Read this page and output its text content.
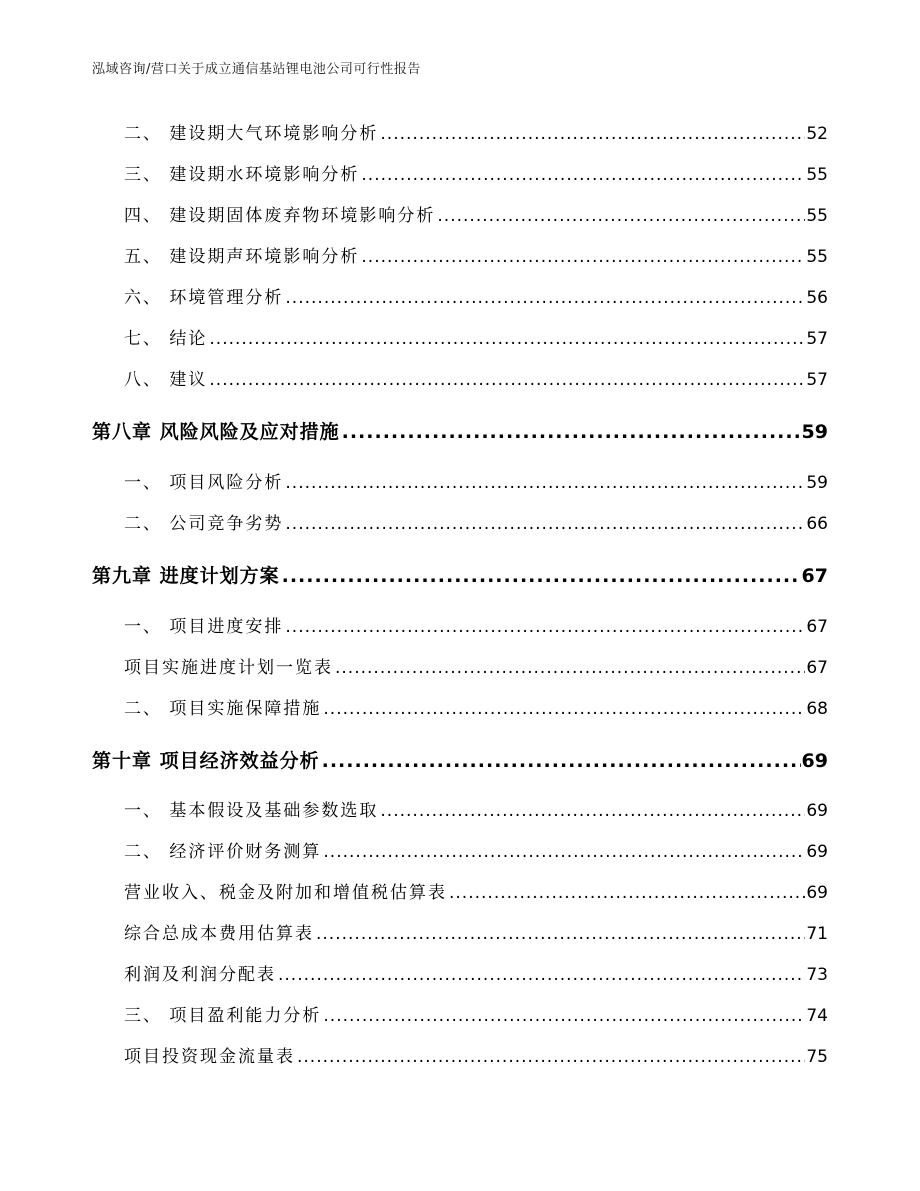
泓域咨询/营口关于成立通信基站锂电池公司可行性报告
二、 建设期大气环境影响分析 .....	52
三、 建设期水环境影响分析 .....	55
四、 建设期固体废弃物环境影响分析 .....	55
五、 建设期声环境影响分析 .....	55
六、 环境管理分析 .....	56
七、 结论 .....	57
八、 建议 .....	57
第八章 风险风险及应对措施 .....	59
一、 项目风险分析 .....	59
二、 公司竞争劣势 .....	66
第九章 进度计划方案 .....	67
一、 项目进度安排 .....	67
项目实施进度计划一览表 .....	67
二、 项目实施保障措施 .....	68
第十章 项目经济效益分析 .....	69
一、 基本假设及基础参数选取 .....	69
二、 经济评价财务测算 .....	69
营业收入、税金及附加和增值税估算表 .....	69
综合总成本费用估算表 .....	71
利润及利润分配表 .....	73
三、 项目盈利能力分析 .....	74
项目投资现金流量表 .....	75
